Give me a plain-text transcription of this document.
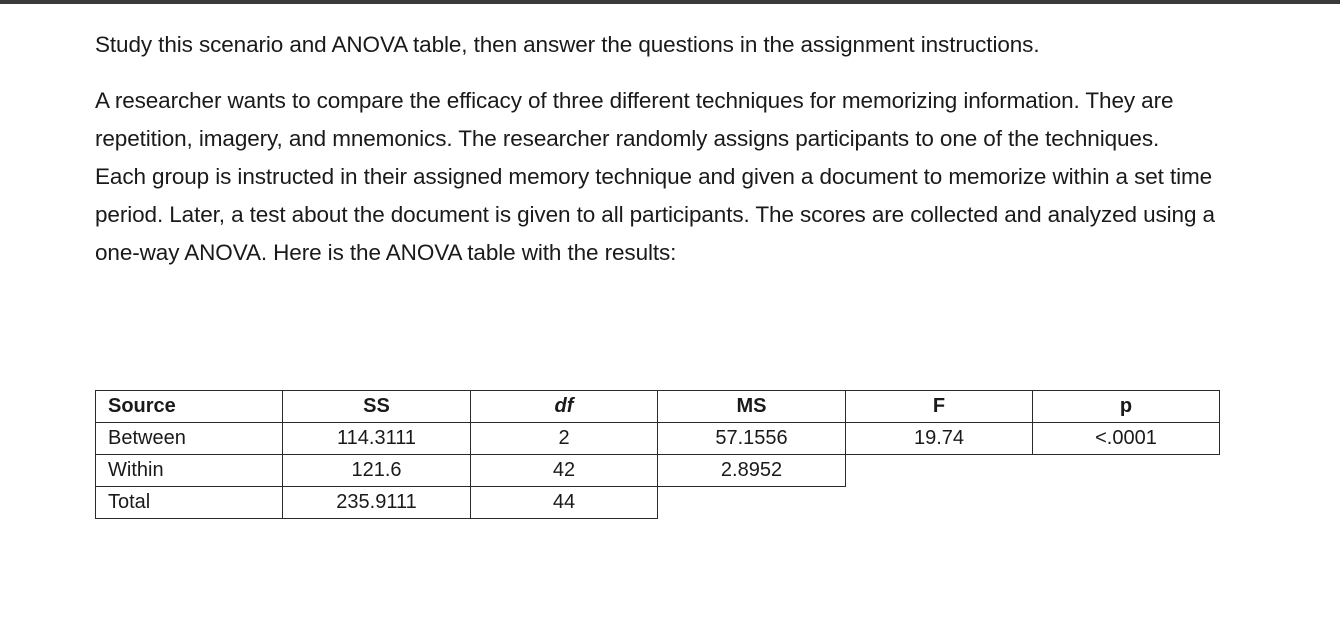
Study this scenario and ANOVA table, then answer the questions in the assignment instructions.

A researcher wants to compare the efficacy of three different techniques for memorizing information. They are repetition, imagery, and mnemonics. The researcher randomly assigns participants to one of the techniques. Each group is instructed in their assigned memory technique and given a document to memorize within a set time period. Later, a test about the document is given to all participants. The scores are collected and analyzed using a one-way ANOVA. Here is the ANOVA table with the results:

Source	SS	df	MS	F	p
Between	114.3111	2	57.1556	19.74	<.0001
Within	121.6	42	2.8952		
Total	235.9111	44			
